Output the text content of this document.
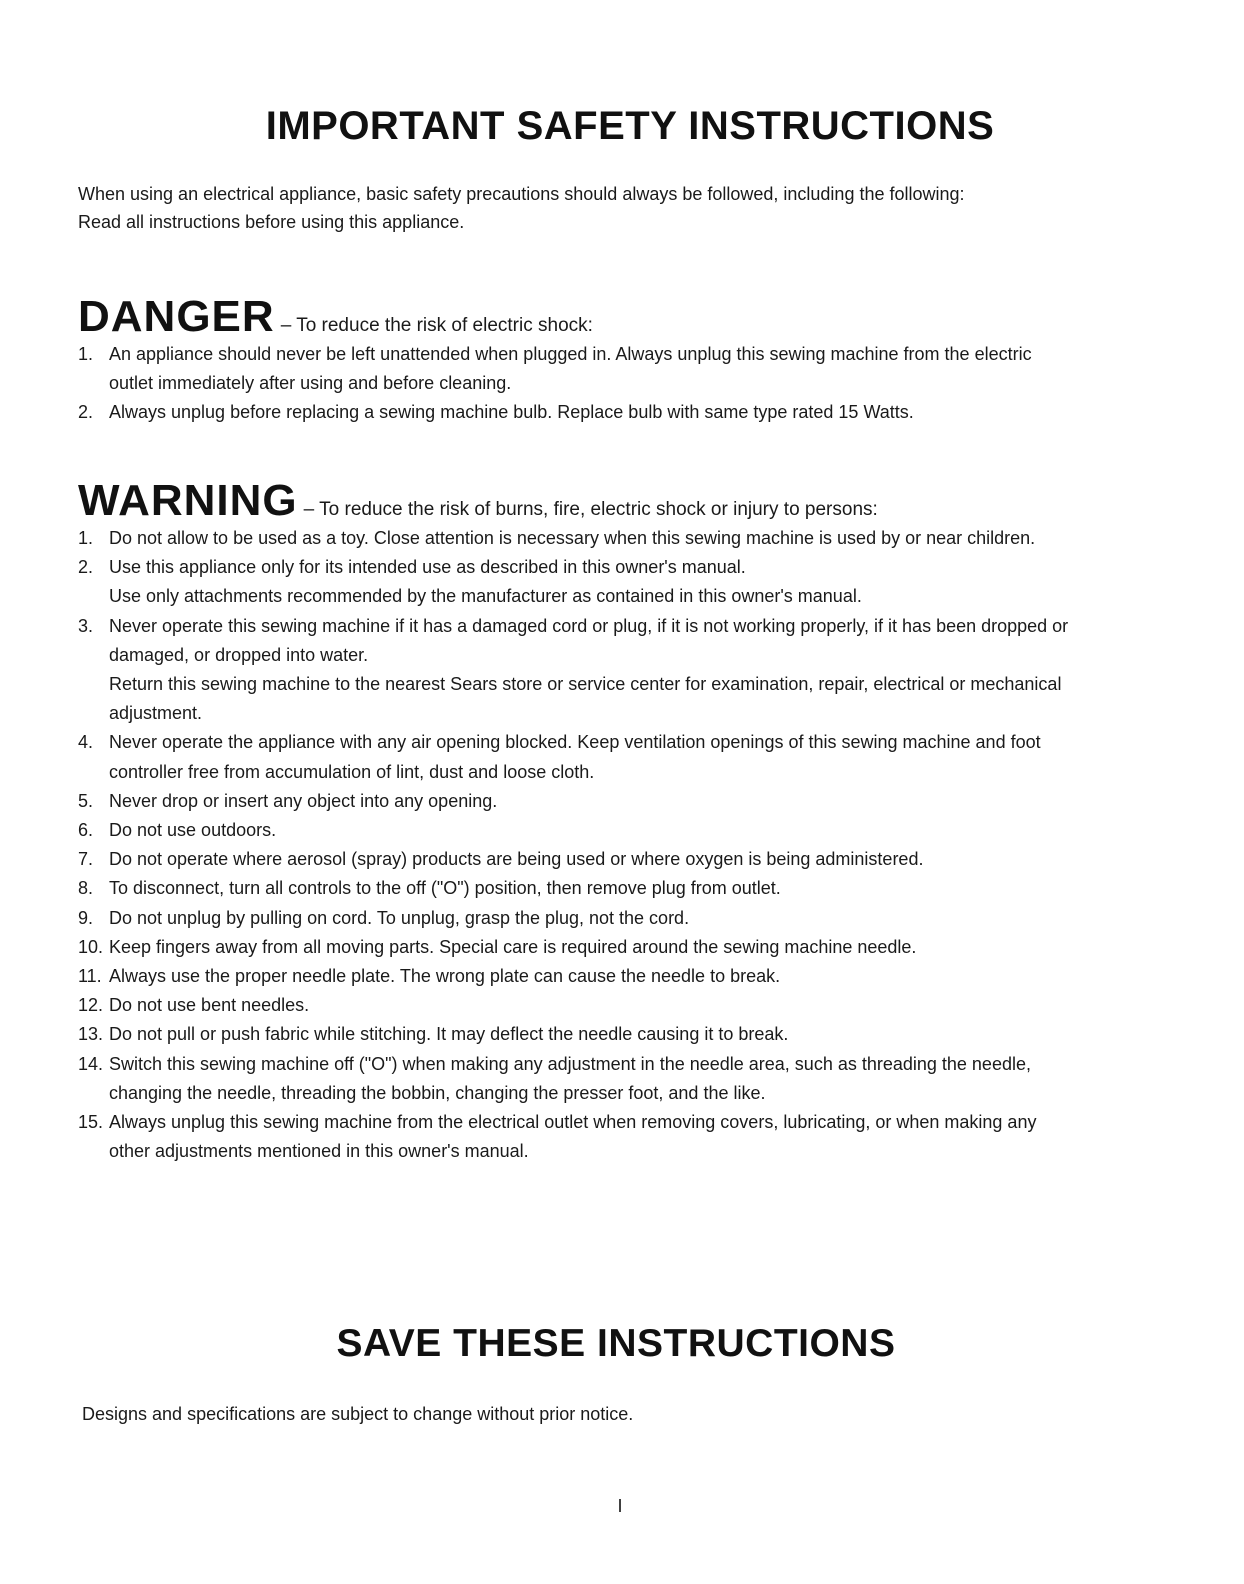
IMPORTANT SAFETY INSTRUCTIONS
When using an electrical appliance, basic safety precautions should always be followed, including the following:
Read all instructions before using this appliance.
DANGER – To reduce the risk of electric shock:
1. An appliance should never be left unattended when plugged in. Always unplug this sewing machine from the electric
outlet immediately after using and before cleaning.
2. Always unplug before replacing a sewing machine bulb. Replace bulb with same type rated 15 Watts.
WARNING – To reduce the risk of burns, fire, electric shock or injury to persons:
1. Do not allow to be used as a toy. Close attention is necessary when this sewing machine is used by or near children.
2. Use this appliance only for its intended use as described in this owner's manual.
Use only attachments recommended by the manufacturer as contained in this owner's manual.
3. Never operate this sewing machine if it has a damaged cord or plug, if it is not working properly, if it has been dropped or
damaged, or dropped into water.
Return this sewing machine to the nearest Sears store or service center for examination, repair, electrical or mechanical
adjustment.
4. Never operate the appliance with any air opening blocked. Keep ventilation openings of this sewing machine and foot
controller free from accumulation of lint, dust and loose cloth.
5. Never drop or insert any object into any opening.
6. Do not use outdoors.
7. Do not operate where aerosol (spray) products are being used or where oxygen is being administered.
8. To disconnect, turn all controls to the off ("O") position, then remove plug from outlet.
9. Do not unplug by pulling on cord. To unplug, grasp the plug, not the cord.
10. Keep fingers away from all moving parts. Special care is required around the sewing machine needle.
11. Always use the proper needle plate. The wrong plate can cause the needle to break.
12. Do not use bent needles.
13. Do not pull or push fabric while stitching. It may deflect the needle causing it to break.
14. Switch this sewing machine off ("O") when making any adjustment in the needle area, such as threading the needle,
changing the needle, threading the bobbin, changing the presser foot, and the like.
15. Always unplug this sewing machine from the electrical outlet when removing covers, lubricating, or when making any
other adjustments mentioned in this owner's manual.
SAVE THESE INSTRUCTIONS
Designs and specifications are subject to change without prior notice.
I
